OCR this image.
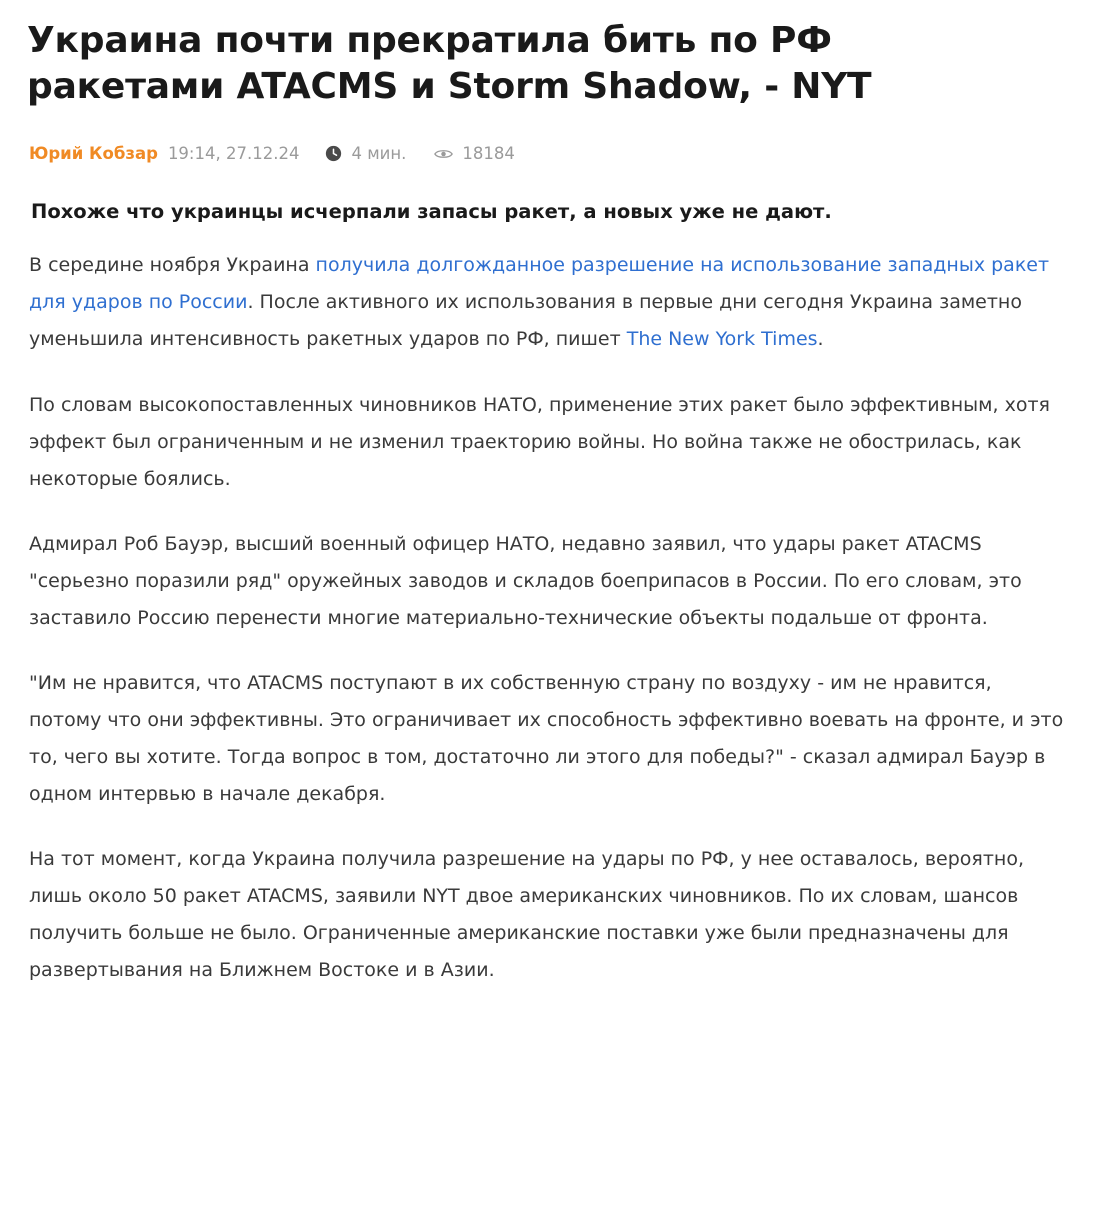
Украина почти прекратила бить по РФ ракетами ATACMS и Storm Shadow, - NYT
Юрий Кобзар 19:14, 27.12.24	4 мин.	18184
Похоже что украинцы исчерпали запасы ракет, а новых уже не дают.

В середине ноября Украина получила долгожданное разрешение на использование западных ракет для ударов по России. После активного их использования в первые дни сегодня Украина заметно уменьшила интенсивность ракетных ударов по РФ, пишет The New York Times.

По словам высокопоставленных чиновников НАТО, применение этих ракет было эффективным, хотя эффект был ограниченным и не изменил траекторию войны. Но война также не обострилась, как некоторые боялись.

Адмирал Роб Бауэр, высший военный офицер НАТО, недавно заявил, что удары ракет ATACMS "серьезно поразили ряд" оружейных заводов и складов боеприпасов в России. По его словам, это заставило Россию перенести многие материально-технические объекты подальше от фронта.

"Им не нравится, что ATACMS поступают в их собственную страну по воздуху - им не нравится, потому что они эффективны. Это ограничивает их способность эффективно воевать на фронте, и это то, чего вы хотите. Тогда вопрос в том, достаточно ли этого для победы?" - сказал адмирал Бауэр в одном интервью в начале декабря.

На тот момент, когда Украина получила разрешение на удары по РФ, у нее оставалось, вероятно, лишь около 50 ракет ATACMS, заявили NYT двое американских чиновников. По их словам, шансов получить больше не было. Ограниченные американские поставки уже были предназначены для развертывания на Ближнем Востоке и в Азии.
